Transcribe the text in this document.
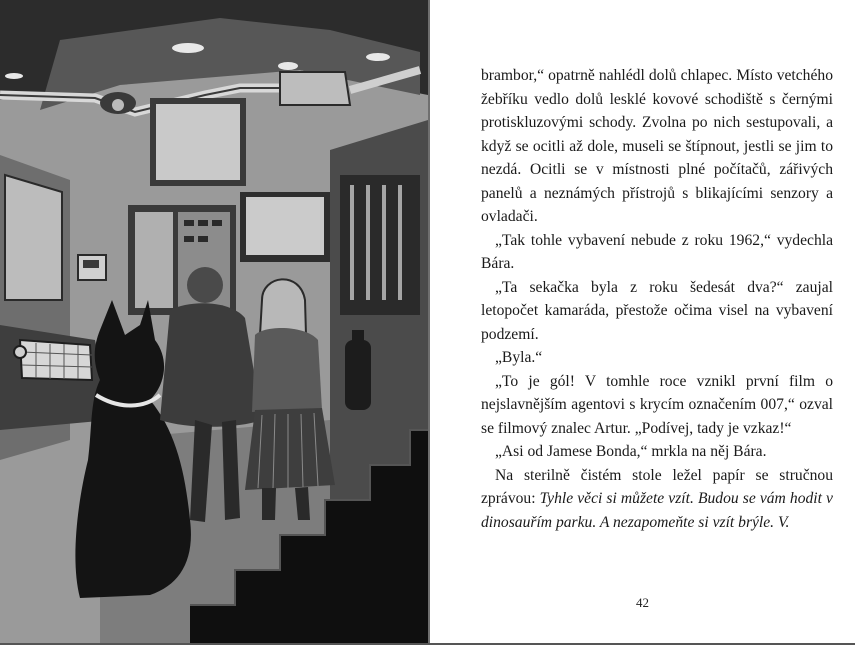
brambor,“ opatrně nahlédl dolů chlapec. Místo vetchého žebříku vedlo dolů lesklé kovové schodiště s černými protiskluzovými schody. Zvolna po nich sestupovali, a když se ocitli až dole, museli se štípnout, jestli se jim to nezdá. Ocitli se v místnosti plné počítačů, zářivých panelů a neznámých přístrojů s blikajícími senzory a ovladači.

„Tak tohle vybavení nebude z roku 1962,“ vydechla Bára.

„Ta sekačka byla z roku šedesát dva?“ zaujal letopočet kamaráda, přestože očima visel na vybavení podzemí.

„Byla.“

„To je gól! V tomhle roce vznikl první film o nejslavnějším agentovi s krycím označením 007,“ ozval se filmový znalec Artur. „Podívej, tady je vzkaz!“

„Asi od Jamese Bonda,“ mrkla na něj Bára.

Na sterilně čistém stole ležel papír se stručnou zprávou: Tyhle věci si můžete vzít. Budou se vám hodit v dinosauřím parku. A nezapomeňte si vzít brýle. V.

42
